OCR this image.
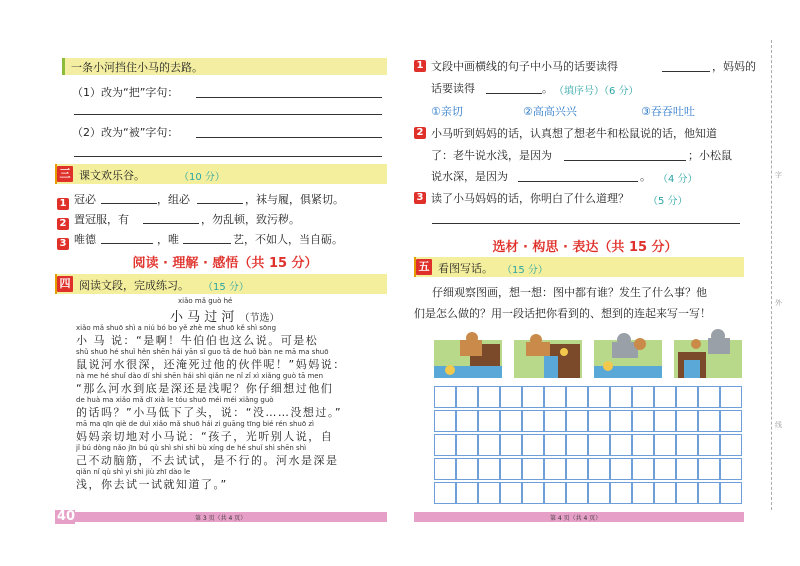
一条小河挡住小马的去路。
（1）改为“把”字句：
（2）改为“被”字句：
三 课文欢乐谷。	（10 分）
1 冠必	，组必	，袜与履，俱紧切。
2 置冠服，有	，勿乱顿，致污秽。
3 唯德	，唯	艺，不如人，当自砺。
阅读 · 理解 · 感悟（共 15 分）
四 阅读文段，完成练习。 （15 分）
xiǎo mǎ guò hé
小 马 过 河 （节选）
xiǎo mǎ shuō shì a niú bó bo yě zhè me shuō kě shì sōng
小 马 说：“是啊！牛伯伯也这么说。可是松
shǔ shuō hé shuǐ hěn shēn hái yān sǐ guo tā de huǒ bàn ne mā ma shuō
鼠说河水很深，还淹死过他的伙伴呢！”妈妈说：
nà me hé shuǐ dào dǐ shì shēn hái shì qiǎn ne nǐ zǐ xì xiǎng guò tā men
“那么河水到底是深还是浅呢？你仔细想过他们
de huà ma xiǎo mǎ dī xià le tóu shuō méi méi xiǎng guò
的话吗？”小马低下了头，说：“没……没想过。”
mā ma qīn qiè de duì xiǎo mǎ shuō hái zi guāng tīng bié rén shuō zì
妈妈亲切地对小马说：“孩子，光听别人说，自
jǐ bú dòng nǎo jīn bú qù shì shi shì bù xíng de hé shuǐ shì shēn shì
己不动脑筋，不去试试，是不行的。河水是深是
qiǎn nǐ qù shì yi shì jiù zhī dào le
浅，你去试一试就知道了。”
40	第 3 页（共 4 页）
1 文段中画横线的句子中小马的话要读得	，妈妈的
话要读得	。 （填序号）（6 分）
①亲切	②高高兴兴	③吞吞吐吐
2 小马听到妈妈的话，认真想了想老牛和松鼠说的话，他知道
了：老牛说水浅，是因为	；小松鼠
说水深，是因为	。 （4 分）
3 读了小马妈妈的话，你明白了什么道理？ （5 分）
选材 · 构思 · 表达（共 15 分）
五 看图写话。 （15 分）
仔细观察图画，想一想：图中都有谁？发生了什么事？他
们是怎么做的？用一段话把你看到的、想到的连起来写一写！
第 4 页（共 4 页）
字
外
线
